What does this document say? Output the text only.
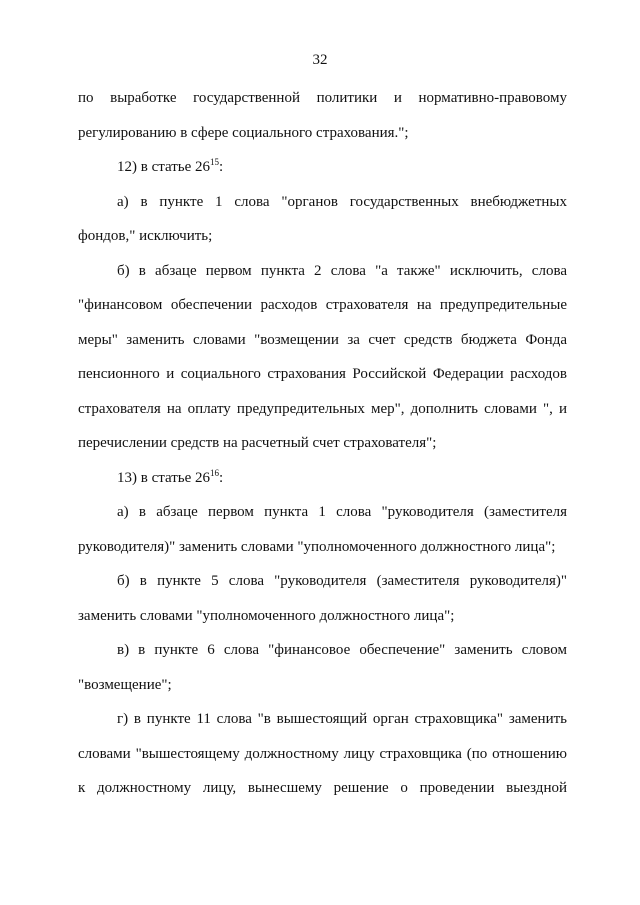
32
по выработке государственной политики и нормативно-правовому
регулированию в сфере социального страхования.";
12) в статье $26^{15}$:
а) в пункте 1 слова "органов государственных внебюджетных
фондов," исключить;
б) в абзаце первом пункта 2 слова "а также" исключить, слова
"финансовом обеспечении расходов страхователя на предупредительные
меры" заменить словами "возмещении за счет средств бюджета Фонда
пенсионного и социального страхования Российской Федерации расходов
страхователя на оплату предупредительных мер", дополнить словами ", и
перечислении средств на расчетный счет страхователя";
13) в статье $26^{16}$:
а) в абзаце первом пункта 1 слова "руководителя (заместителя
руководителя)" заменить словами "уполномоченного должностного лица";
б) в пункте 5 слова "руководителя (заместителя руководителя)"
заменить словами "уполномоченного должностного лица";
в) в пункте 6 слова "финансовое обеспечение" заменить словом
"возмещение";
г) в пункте 11 слова "в вышестоящий орган страховщика" заменить
словами "вышестоящему должностному лицу страховщика (по отношению
к должностному лицу, вынесшему решение о проведении выездной
